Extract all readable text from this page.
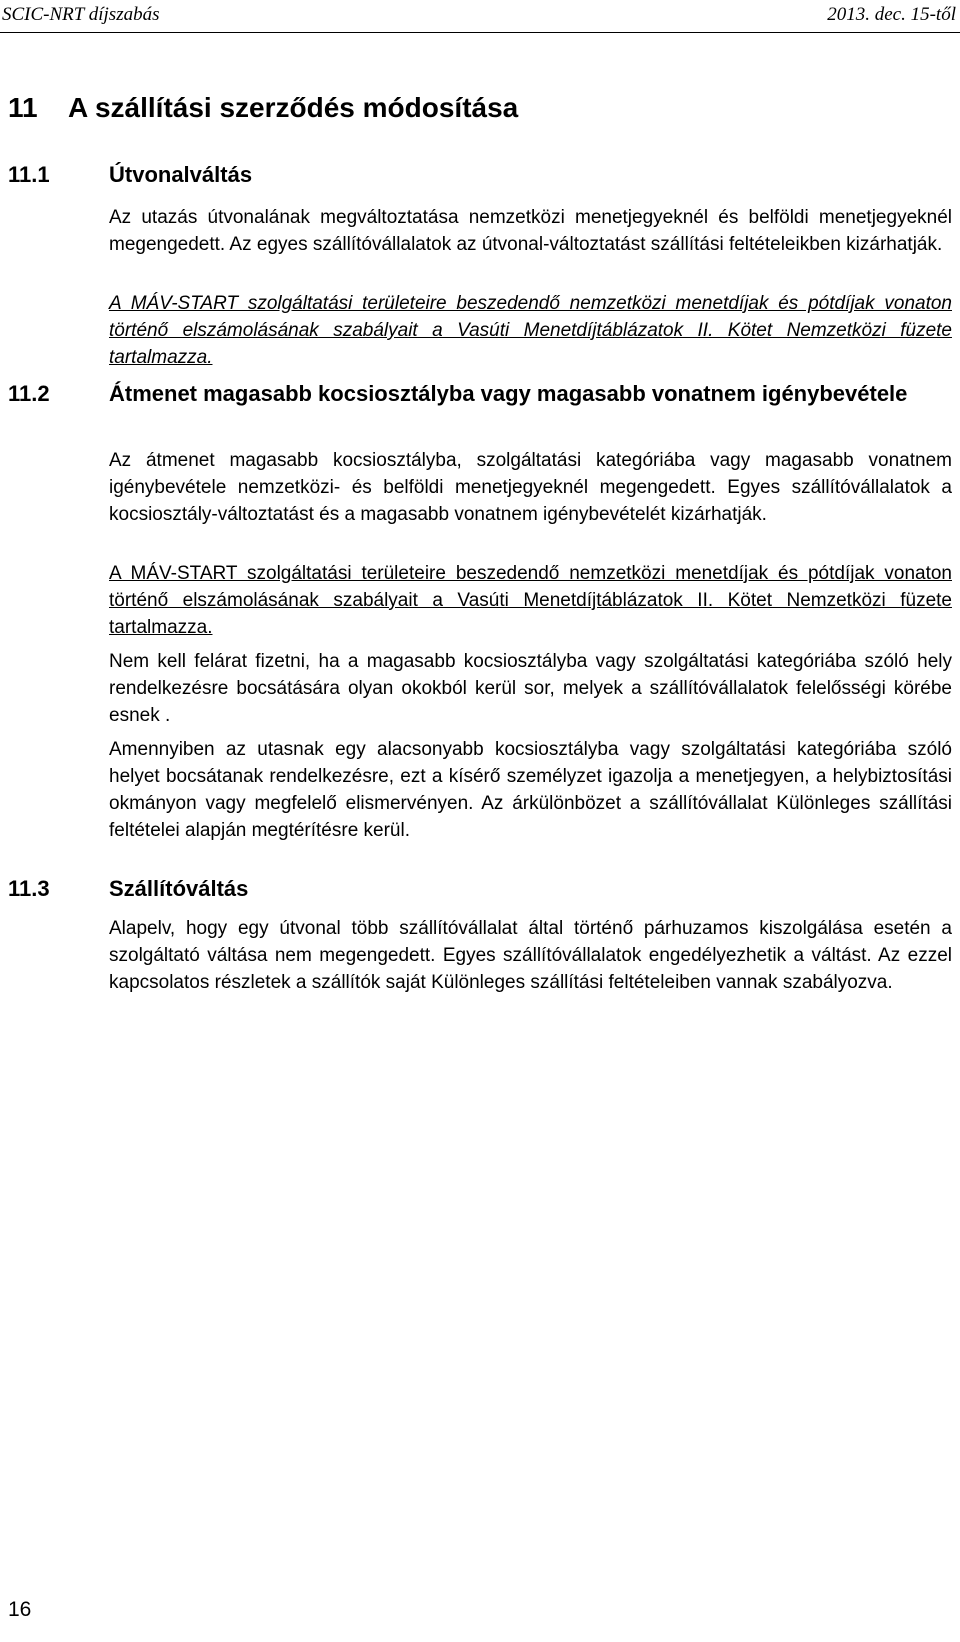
SCIC-NRT díjszabás	2013. dec. 15-től
11 A szállítási szerződés módosítása
11.1	Útvonalváltás
Az utazás útvonalának megváltoztatása nemzetközi menetjegyeknél és belföldi menetjegyeknél megengedett. Az egyes szállítóvállalatok az útvonal-változtatást szállítási feltételeikben kizárhatják.
A MÁV-START szolgáltatási területeire beszedendő nemzetközi menetdíjak és pótdíjak vonaton történő elszámolásának szabályait a Vasúti Menetdíjtáblázatok II. Kötet Nemzetközi füzete tartalmazza.
11.2	Átmenet magasabb kocsiosztályba vagy magasabb vonatnem igénybevétele
Az átmenet magasabb kocsiosztályba, szolgáltatási kategóriába vagy magasabb vonatnem igénybevétele nemzetközi- és belföldi menetjegyeknél megengedett. Egyes szállítóvállalatok a kocsiosztály-változtatást és a magasabb vonatnem igénybevételét kizárhatják.
A MÁV-START szolgáltatási területeire beszedendő nemzetközi menetdíjak és pótdíjak vonaton történő elszámolásának szabályait a Vasúti Menetdíjtáblázatok II. Kötet Nemzetközi füzete tartalmazza.
Nem kell felárat fizetni, ha a magasabb kocsiosztályba vagy szolgáltatási kategóriába szóló hely rendelkezésre bocsátására olyan okokból kerül sor, melyek a szállítóvállalatok felelősségi körébe esnek .
Amennyiben az utasnak egy alacsonyabb kocsiosztályba vagy szolgáltatási kategóriába szóló helyet bocsátanak rendelkezésre, ezt a kísérő személyzet igazolja a menetjegyen, a helybiztosítási okmányon vagy megfelelő elismervényen. Az árkülönbözet a szállítóvállalat Különleges szállítási feltételei alapján megtérítésre kerül.
11.3	Szállítóváltás
Alapelv, hogy egy útvonal több szállítóvállalat által történő párhuzamos kiszolgálása esetén a szolgáltató váltása nem megengedett. Egyes szállítóvállalatok engedélyezhetik a váltást. Az ezzel kapcsolatos részletek a szállítók saját Különleges szállítási feltételeiben vannak szabályozva.
16
